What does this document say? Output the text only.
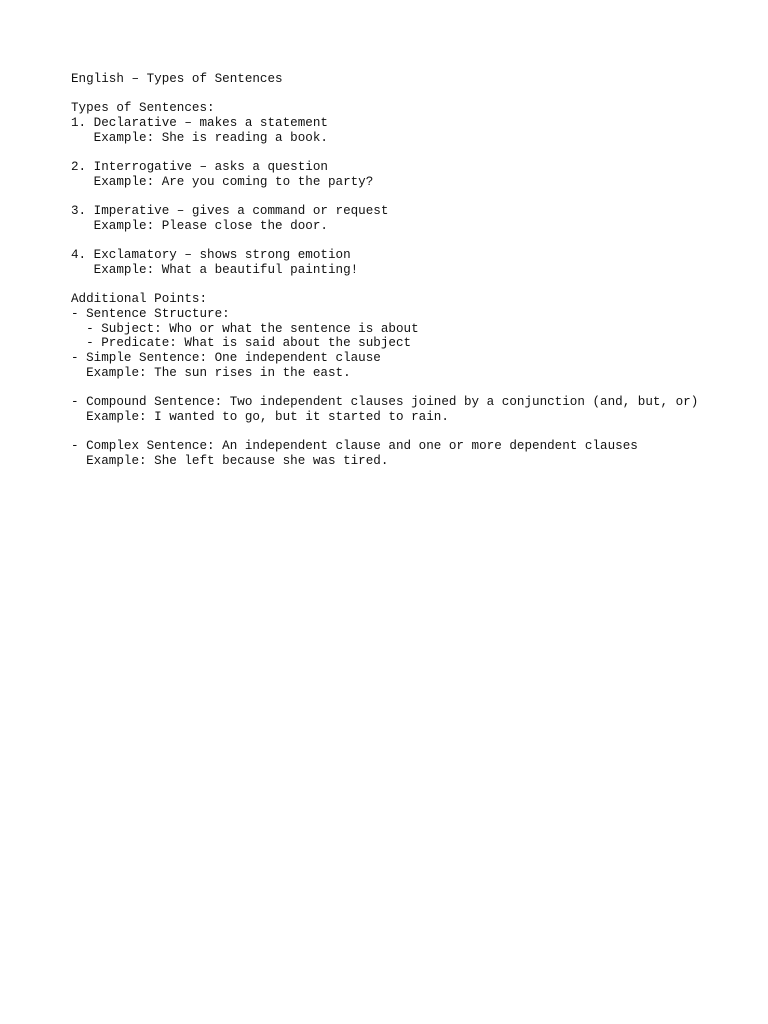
English – Types of Sentences
Types of Sentences:
1. Declarative – makes a statement
Example: She is reading a book.
2. Interrogative – asks a question
Example: Are you coming to the party?
3. Imperative – gives a command or request
Example: Please close the door.
4. Exclamatory – shows strong emotion
Example: What a beautiful painting!
Additional Points:
- Sentence Structure:
- Subject: Who or what the sentence is about
- Predicate: What is said about the subject
- Simple Sentence: One independent clause
Example: The sun rises in the east.
- Compound Sentence: Two independent clauses joined by a conjunction (and, but, or)
Example: I wanted to go, but it started to rain.
- Complex Sentence: An independent clause and one or more dependent clauses
Example: She left because she was tired.
